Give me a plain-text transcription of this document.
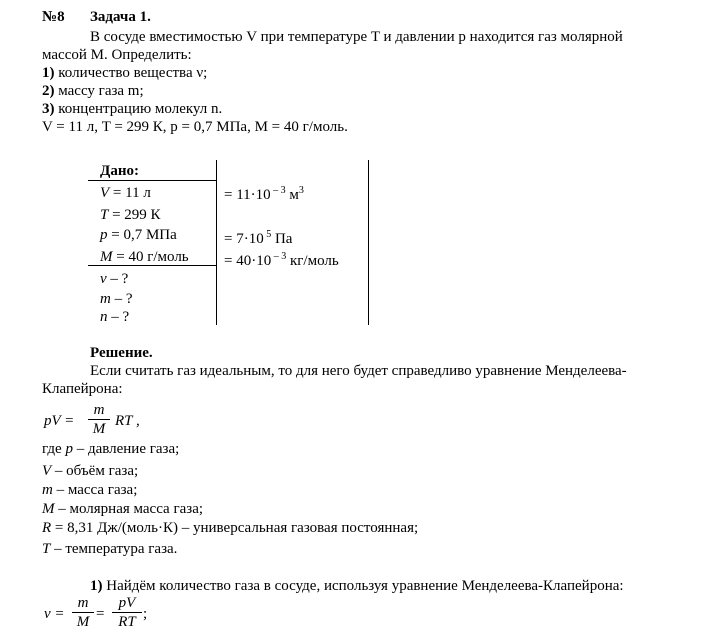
№8 Задача 1.
В сосуде вместимостью V при температуре T и давлении p находится газ молярной
массой M. Определить:
1) количество вещества ν;
2) массу газа m;
3) концентрацию молекул n.
V = 11 л, T = 299 К, p = 0,7 МПа, M = 40 г/моль.
Дано:
V = 11 л
T = 299 К
p = 0,7 МПа
M = 40 г/моль
ν – ?
m – ?
n – ?
= 11·10 $^{- 3}$ $м^3$
= 7·10 $^5$ Па
= 40·10 $^{- 3}$ кг/моль
Решение.
Если считать газ идеальным, то для него будет справедливо уравнение Менделеева-
Клапейрона:
pV =
m
M RT ,
где p – давление газа;
V – объём газа;
m – масса газа;
M – молярная масса газа;
R = 8,31 Дж/(моль·К) – универсальная газовая постоянная;
T – температура газа.
1) Найдём количество газа в сосуде, используя уравнение Менделеева-Клапейрона:
ν =
m
M =
pV
RT ;
